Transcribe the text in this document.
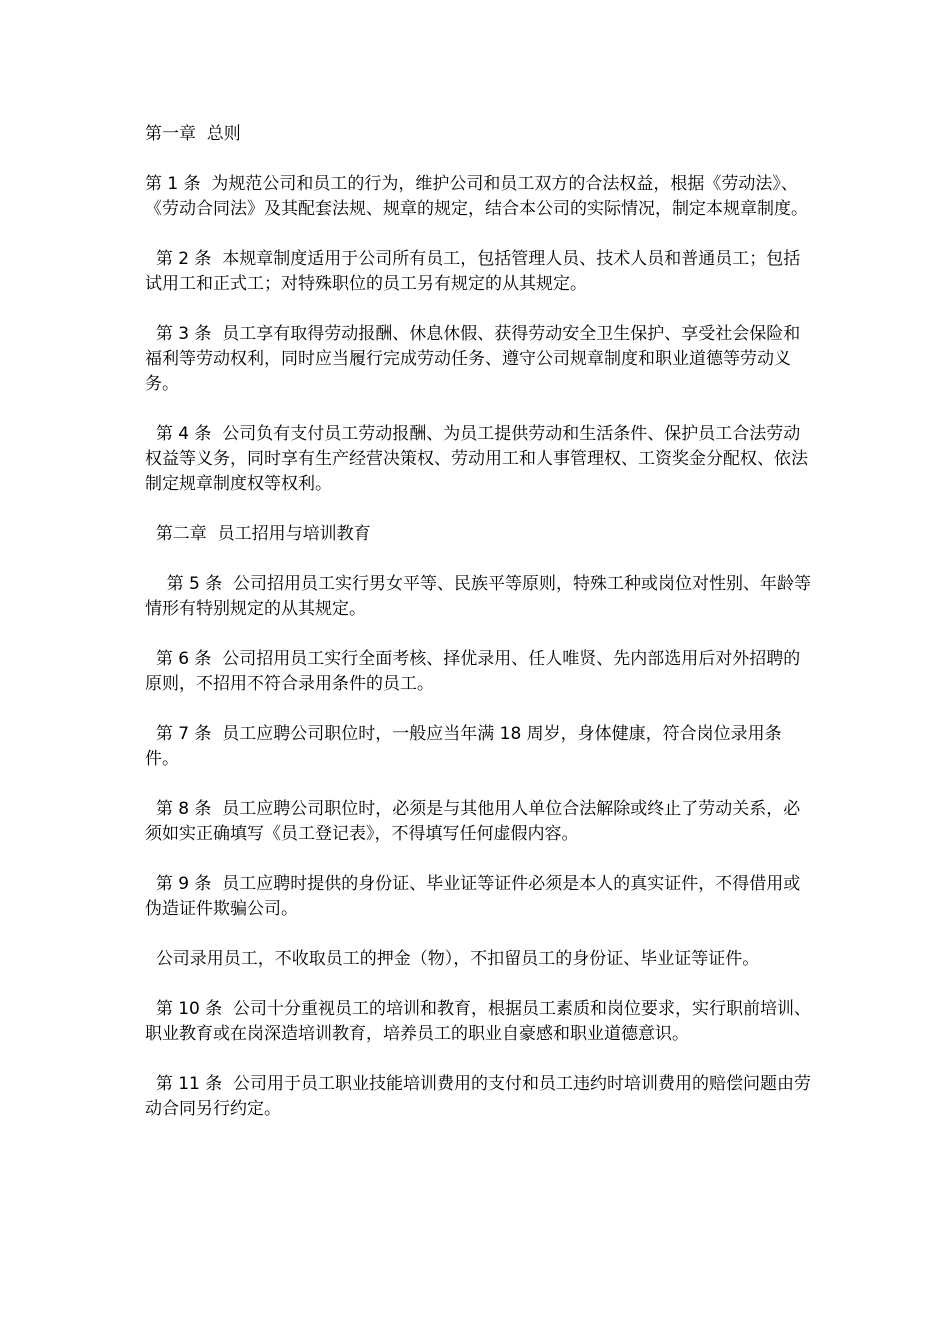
第一章  总则

第 1 条  为规范公司和员工的行为，维护公司和员工双方的合法权益，根据《劳动法》、《劳动合同法》及其配套法规、规章的规定，结合本公司的实际情况，制定本规章制度。

第 2 条  本规章制度适用于公司所有员工，包括管理人员、技术人员和普通员工；包括试用工和正式工；对特殊职位的员工另有规定的从其规定。

第 3 条  员工享有取得劳动报酬、休息休假、获得劳动安全卫生保护、享受社会保险和福利等劳动权利，同时应当履行完成劳动任务、遵守公司规章制度和职业道德等劳动义务。

第 4 条  公司负有支付员工劳动报酬、为员工提供劳动和生活条件、保护员工合法劳动权益等义务，同时享有生产经营决策权、劳动用工和人事管理权、工资奖金分配权、依法制定规章制度权等权利。

第二章  员工招用与培训教育

第 5 条  公司招用员工实行男女平等、民族平等原则，特殊工种或岗位对性别、年龄等情形有特别规定的从其规定。

第 6 条  公司招用员工实行全面考核、择优录用、任人唯贤、先内部选用后对外招聘的原则，不招用不符合录用条件的员工。

第 7 条  员工应聘公司职位时，一般应当年满 18 周岁，身体健康，符合岗位录用条件。

第 8 条  员工应聘公司职位时，必须是与其他用人单位合法解除或终止了劳动关系，必须如实正确填写《员工登记表》，不得填写任何虚假内容。

第 9 条  员工应聘时提供的身份证、毕业证等证件必须是本人的真实证件，不得借用或伪造证件欺骗公司。

公司录用员工，不收取员工的押金（物），不扣留员工的身份证、毕业证等证件。

第 10 条  公司十分重视员工的培训和教育，根据员工素质和岗位要求，实行职前培训、职业教育或在岗深造培训教育，培养员工的职业自豪感和职业道德意识。

第 11 条  公司用于员工职业技能培训费用的支付和员工违约时培训费用的赔偿问题由劳动合同另行约定。
